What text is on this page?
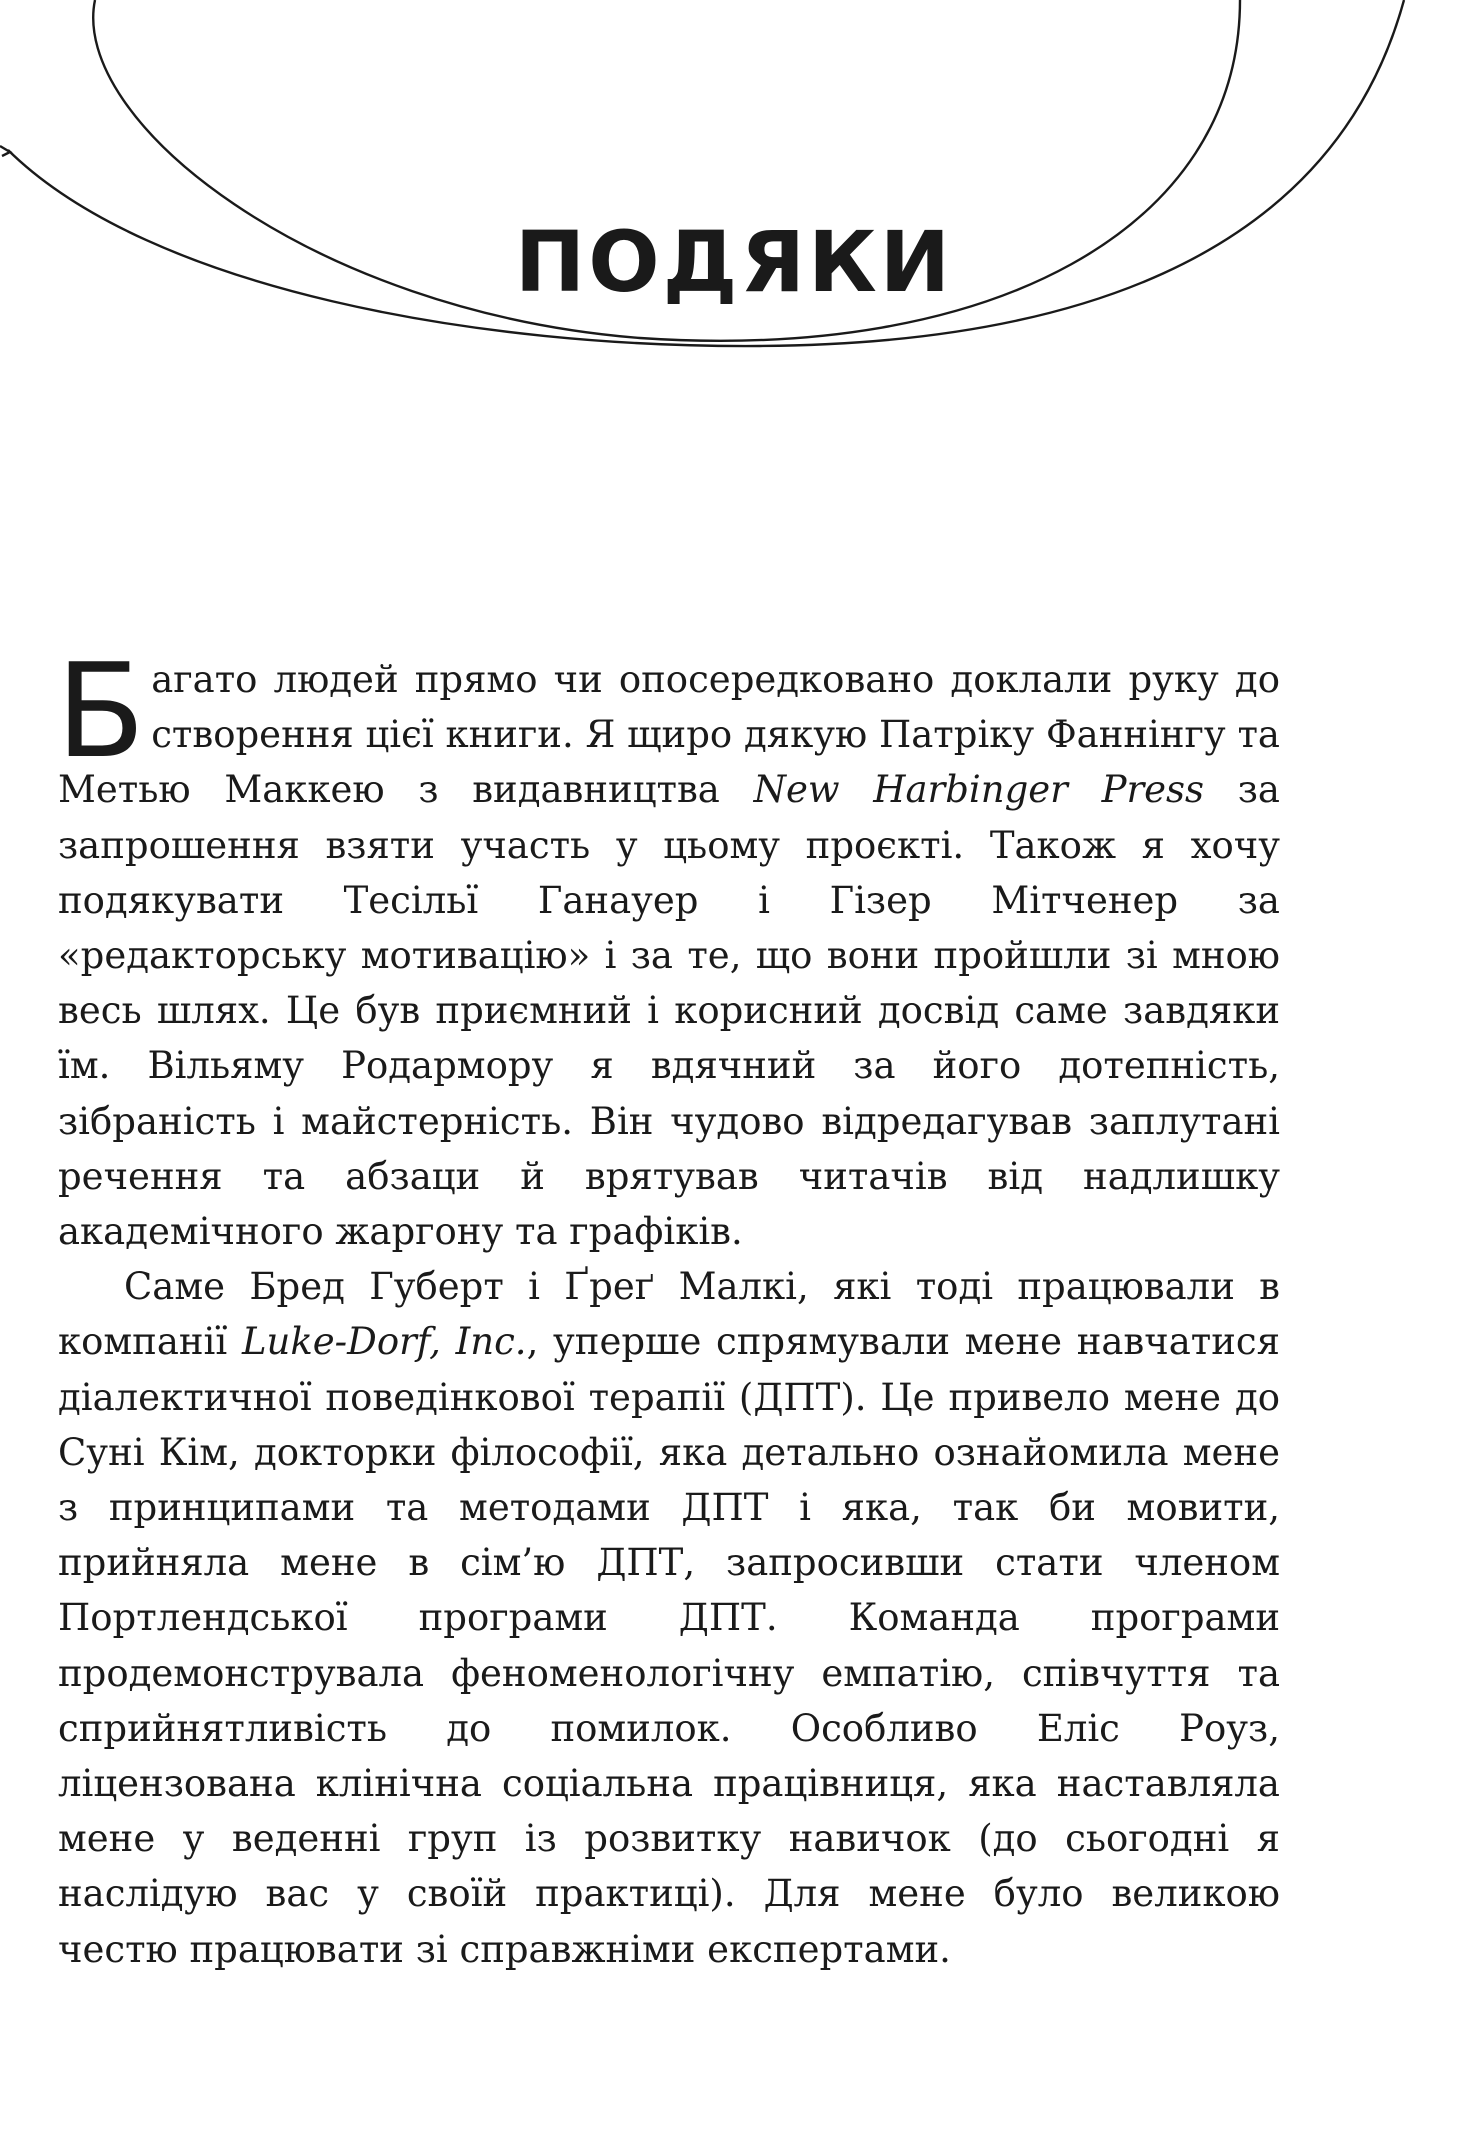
ПОДЯКИ

Багато людей прямо чи опосередковано доклали руку до створення цієї книги. Я щиро дякую Патріку Фаннінгу та Метью Маккею з видавництва New Harbinger Press за запрошення взяти участь у цьому проєкті. Також я хочу подякувати Тесільї Ганауер і Гізер Мітченер за «редакторську мотивацію» і за те, що вони пройшли зі мною весь шлях. Це був приємний і корисний досвід саме завдяки їм. Вільяму Родармору я вдячний за його дотепність, зібраність і майстерність. Він чудово відредагував заплутані речення та абзаци й врятував читачів від надлишку академічного жаргону та графіків.

Саме Бред Губерт і Ґреґ Малкі, які тоді працювали в компанії Luke-Dorf, Inc., уперше спрямували мене навчатися діалектичної поведінкової терапії (ДПТ). Це привело мене до Суні Кім, докторки філософії, яка детально ознайомила мене з принципами та методами ДПТ і яка, так би мовити, прийняла мене в сім’ю ДПТ, запросивши стати членом Портлендської програми ДПТ. Команда програми продемонструвала феноменологічну емпатію, співчуття та сприйнятливість до помилок. Особливо Еліс Роуз, ліцензована клінічна соціальна працівниця, яка наставляла мене у веденні груп із розвитку навичок (до сьогодні я наслідую вас у своїй практиці). Для мене було великою честю працювати зі справжніми експертами.
